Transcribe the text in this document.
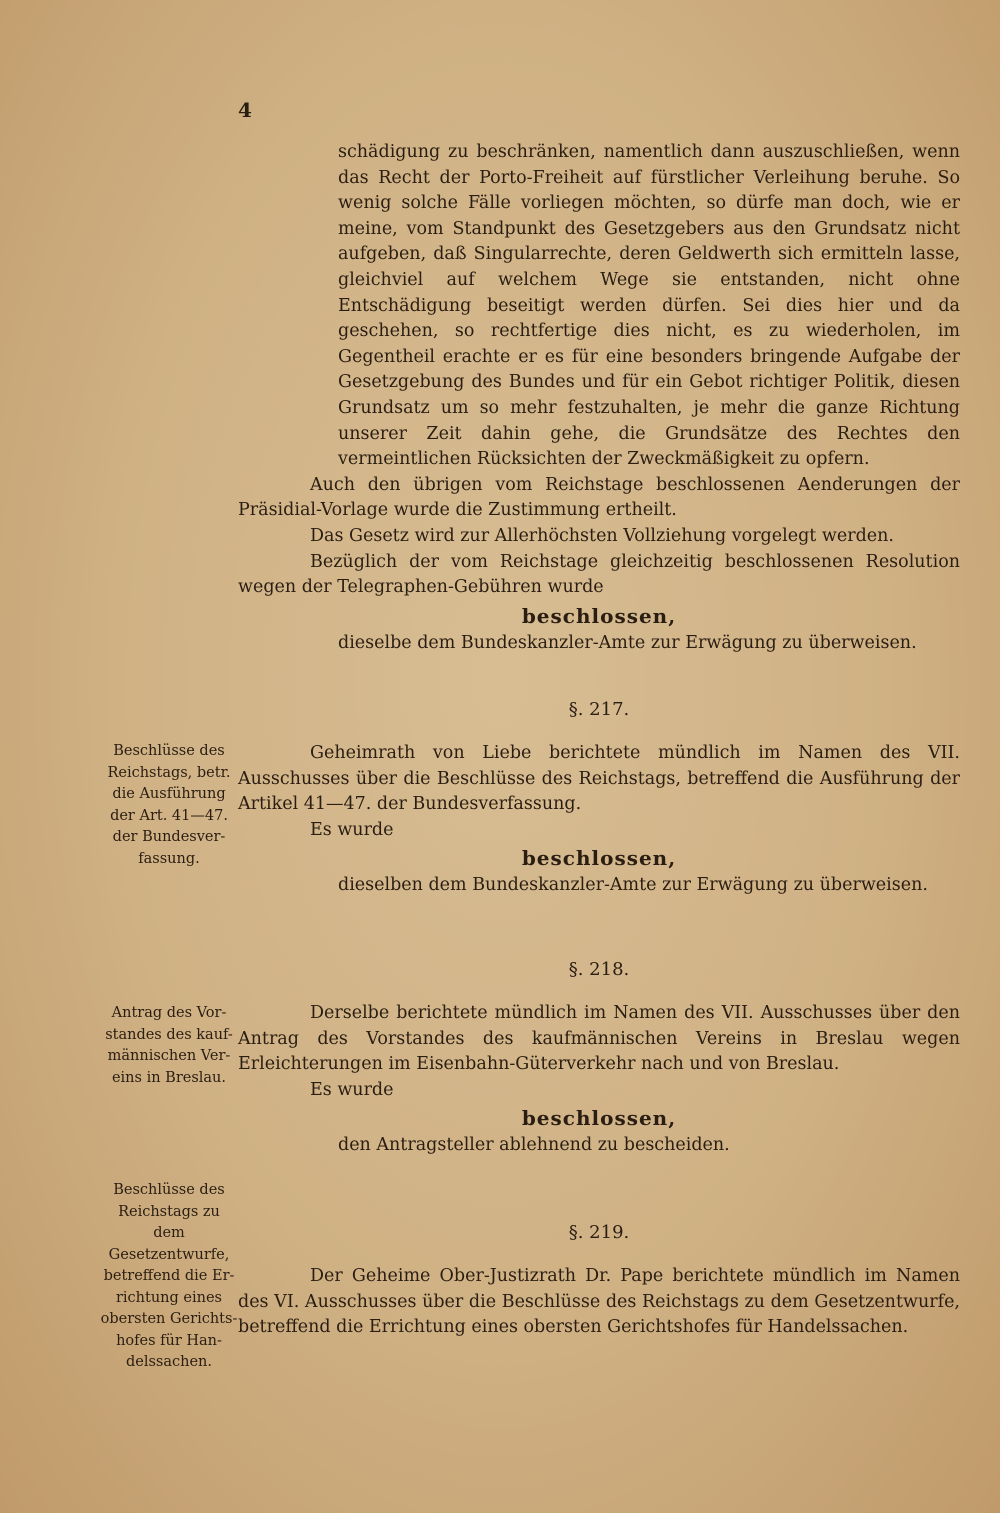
4

schädigung zu beschränken, namentlich dann auszuschließen, wenn das Recht der Porto-Freiheit auf fürstlicher Verleihung beruhe. So wenig solche Fälle vorliegen möchten, so dürfe man doch, wie er meine, vom Standpunkt des Gesetzgebers aus den Grundsatz nicht aufgeben, daß Singularrechte, deren Geldwerth sich ermitteln lasse, gleichviel auf welchem Wege sie entstanden, nicht ohne Entschädigung beseitigt werden dürfen. Sei dies hier und da geschehen, so rechtfertige dies nicht, es zu wiederholen, im Gegentheil erachte er es für eine besonders bringende Aufgabe der Gesetzgebung des Bundes und für ein Gebot richtiger Politik, diesen Grundsatz um so mehr festzuhalten, je mehr die ganze Richtung unserer Zeit dahin gehe, die Grundsätze des Rechtes den vermeintlichen Rücksichten der Zweckmäßigkeit zu opfern.

Auch den übrigen vom Reichstage beschlossenen Aenderungen der Präsidial-Vorlage wurde die Zustimmung ertheilt.

Das Gesetz wird zur Allerhöchsten Vollziehung vorgelegt werden.

Bezüglich der vom Reichstage gleichzeitig beschlossenen Resolution wegen der Telegraphen-Gebühren wurde

beschlossen,

dieselbe dem Bundeskanzler-Amte zur Erwägung zu überweisen.

§. 217.

Geheimrath von Liebe berichtete mündlich im Namen des VII. Ausschusses über die Beschlüsse des Reichstags, betreffend die Ausführung der Artikel 41—47. der Bundesverfassung.

Es wurde

beschlossen,

dieselben dem Bundeskanzler-Amte zur Erwägung zu überweisen.

Beschlüsse des
Reichstags, betr.
die Ausführung
der Art. 41—47.
der Bundesver-
fassung.

§. 218.

Derselbe berichtete mündlich im Namen des VII. Ausschusses über den Antrag des Vorstandes des kaufmännischen Vereins in Breslau wegen Erleichterungen im Eisenbahn-Güterverkehr nach und von Breslau.

Es wurde

beschlossen,

den Antragsteller ablehnend zu bescheiden.

Antrag des Vor-
standes des kauf-
männischen Ver-
eins in Breslau.

§. 219.

Der Geheime Ober-Justizrath Dr. Pape berichtete mündlich im Namen des VI. Ausschusses über die Beschlüsse des Reichstags zu dem Gesetzentwurfe, betreffend die Errichtung eines obersten Gerichtshofes für Handelssachen.

Beschlüsse des
Reichstags zu dem
Gesetzentwurfe,
betreffend die Er-
richtung eines
obersten Gerichts-
hofes für Han-
delssachen.
